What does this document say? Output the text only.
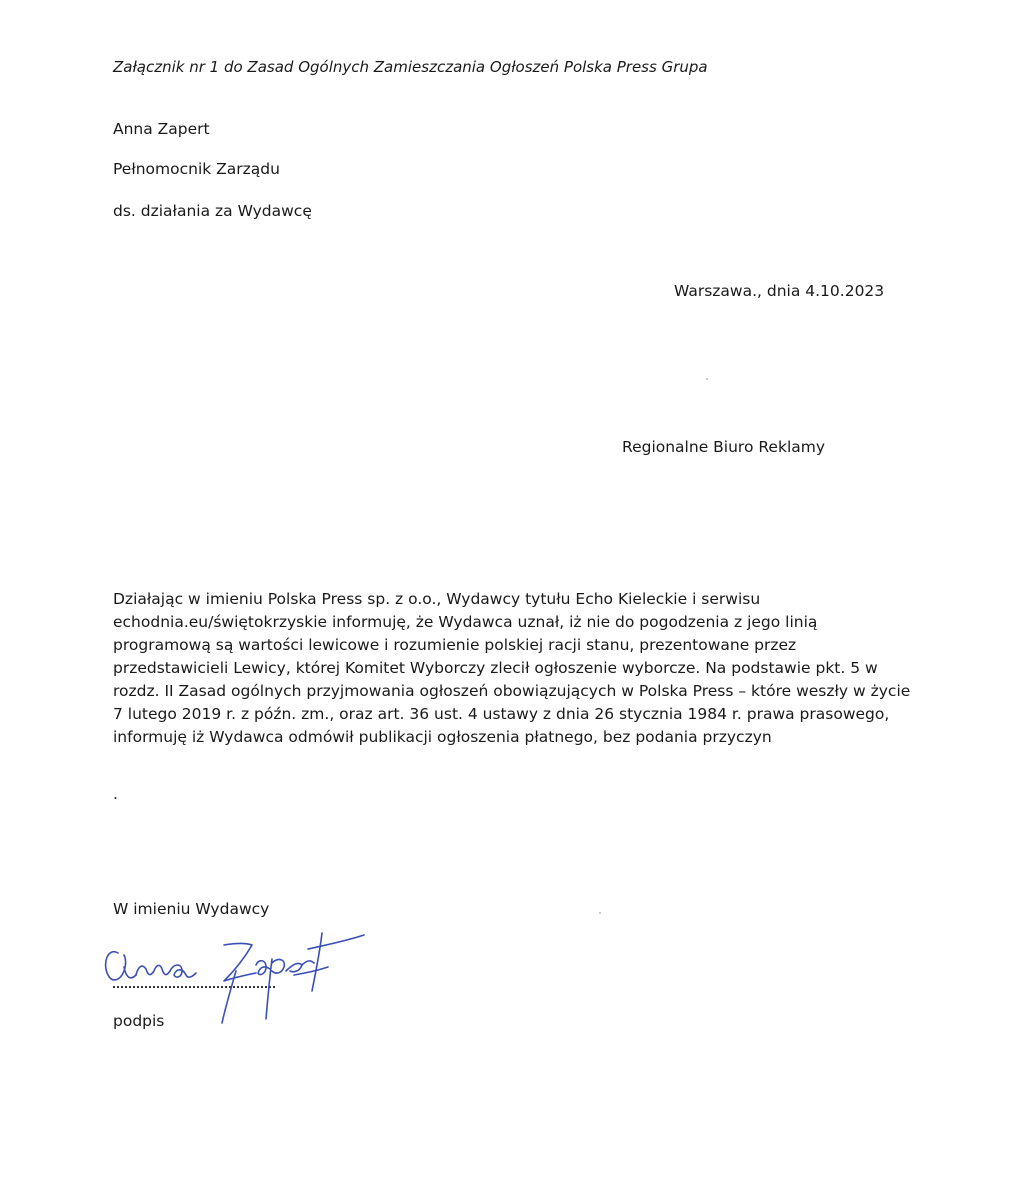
Załącznik nr 1 do Zasad Ogólnych Zamieszczania Ogłoszeń Polska Press Grupa
Anna Zapert
Pełnomocnik Zarządu
ds. działania za Wydawcę
Warszawa., dnia 4.10.2023
Regionalne Biuro Reklamy
Działając w imieniu Polska Press sp. z o.o., Wydawcy tytułu Echo Kieleckie i serwisu
echodnia.eu/świętokrzyskie informuję, że Wydawca uznał, iż nie do pogodzenia z jego linią
programową są wartości lewicowe i rozumienie polskiej racji stanu, prezentowane przez
przedstawicieli Lewicy, której Komitet Wyborczy zlecił ogłoszenie wyborcze. Na podstawie pkt. 5 w
rozdz. II Zasad ogólnych przyjmowania ogłoszeń obowiązujących w Polska Press – które weszły w życie
7 lutego 2019 r. z późn. zm., oraz art. 36 ust. 4 ustawy z dnia 26 stycznia 1984 r. prawa prasowego,
informuję iż Wydawca odmówił publikacji ogłoszenia płatnego, bez podania przyczyn
.
W imieniu Wydawcy
podpis
